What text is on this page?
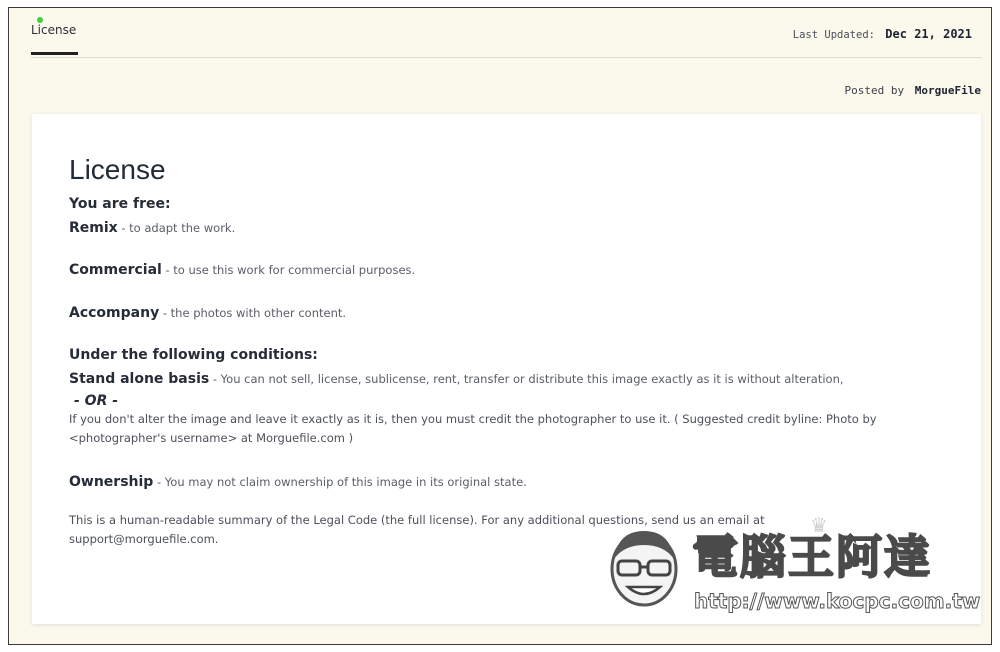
License	Last Updated: Dec 21, 2021
Posted by MorgueFile
License
You are free:
Remix - to adapt the work.
Commercial - to use this work for commercial purposes.
Accompany - the photos with other content.
Under the following conditions:
Stand alone basis - You can not sell, license, sublicense, rent, transfer or distribute this image exactly as it is without alteration,
- OR -
If you don't alter the image and leave it exactly as it is, then you must credit the photographer to use it. ( Suggested credit byline: Photo by
<photographer's username> at Morguefile.com )
Ownership - You may not claim ownership of this image in its original state.
This is a human-readable summary of the Legal Code (the full license). For any additional questions, send us an email at
support@morguefile.com.
♛
電腦王阿達
http://www.kocpc.com.tw
